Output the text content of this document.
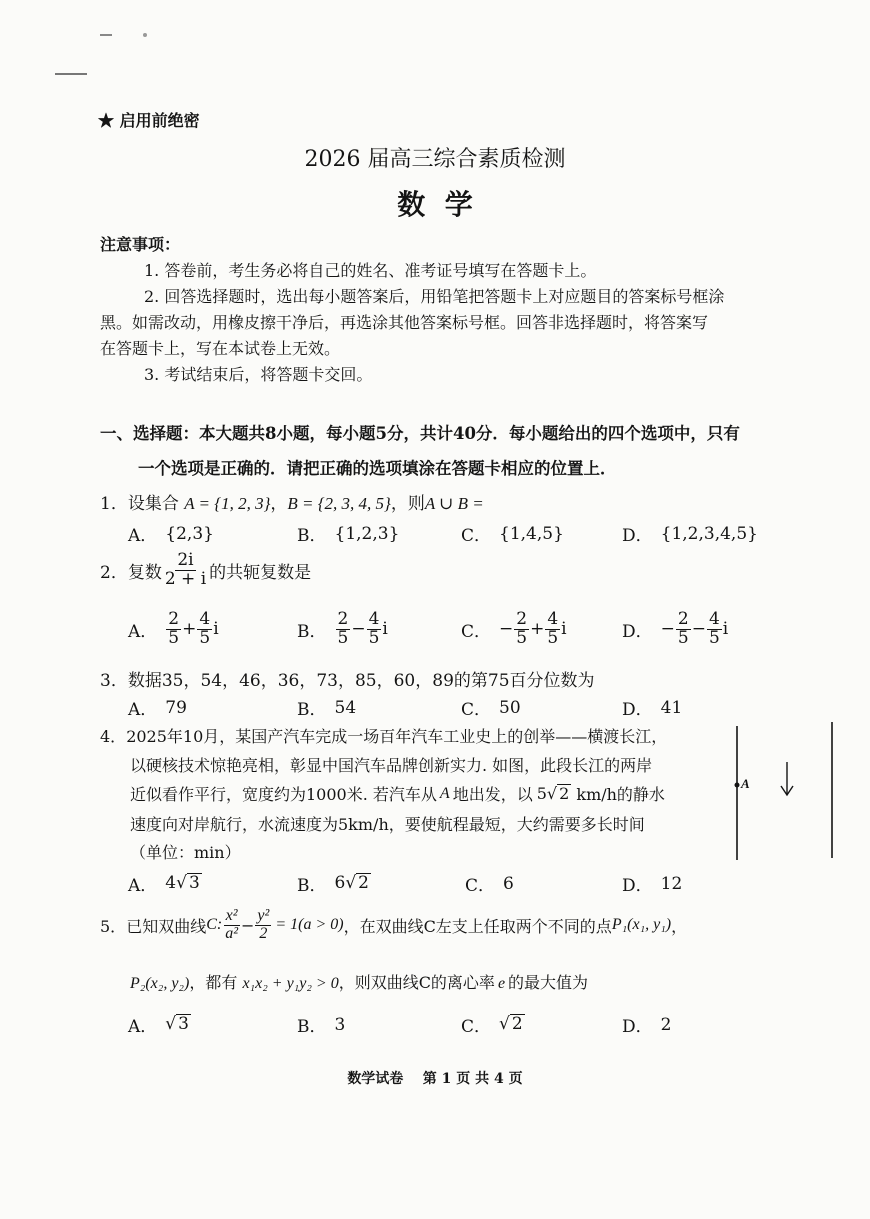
★ 启用前绝密
2026 届高三综合素质检测
数  学
注意事项：
1. 答卷前，考生务必将自己的姓名、准考证号填写在答题卡上。
2. 回答选择题时，选出每小题答案后，用铅笔把答题卡上对应题目的答案标号框涂
黑。如需改动，用橡皮擦干净后，再选涂其他答案标号框。回答非选择题时，将答案写
在答题卡上，写在本试卷上无效。
3. 考试结束后，将答题卡交回。
一、选择题：本大题共8小题，每小题5分，共计40分．每小题给出的四个选项中，只有
一个选项是正确的．请把正确的选项填涂在答题卡相应的位置上．
1．设集合 A = {1, 2, 3}，B = {2, 3, 4, 5}，则A ∪ B =
A． {2,3}	B． {1,2,3}	C． {1,4,5}	D． {1,2,3,4,5}
2． 复数 $\frac{2i}{2 + i}$ 的共轭复数是
A． $\frac{2}{5} + \frac{4}{5}$ i	B． $\frac{2}{5} - \frac{4}{5}$ i	C． − $\frac{2}{5} + \frac{4}{5}$ i	D． − $\frac{2}{5} - \frac{4}{5}$ i
3．数据35，54，46，36，73，85，60，89的第75百分位数为
A． 79	B． 54	C． 50	D． 41
4．2025年10月，某国产汽车完成一场百年汽车工业史上的创举——横渡长江，
以硬核技术惊艳亮相，彰显中国汽车品牌创新实力. 如图，此段长江的两岸
近似看作平行，宽度约为1000米. 若汽车从 A 地出发，以 5 √ 2 km/h的静水
速度向对岸航行，水流速度为5km/h，要使航程最短，大约需要多长时间
（单位：min）
A
A． 4 √ 3	B． 6 √ 2	C． 6	D． 12
5． 已知双曲线 C: $\frac{\text{x²}}{\text{a²}} - \frac{\text{y²}}{2} = 1(a > 0)$ ，在双曲线C左支上任取两个不同的点 P₁(x₁, y₁) ，
P₂(x₂, y₂)，都有 x₁x₂ + y₁y₂ > 0，则双曲线C的离心率 e 的最大值为
A． √ 3	B． 3	C． √ 2	D． 2
数学试卷    第 1 页 共 4 页
